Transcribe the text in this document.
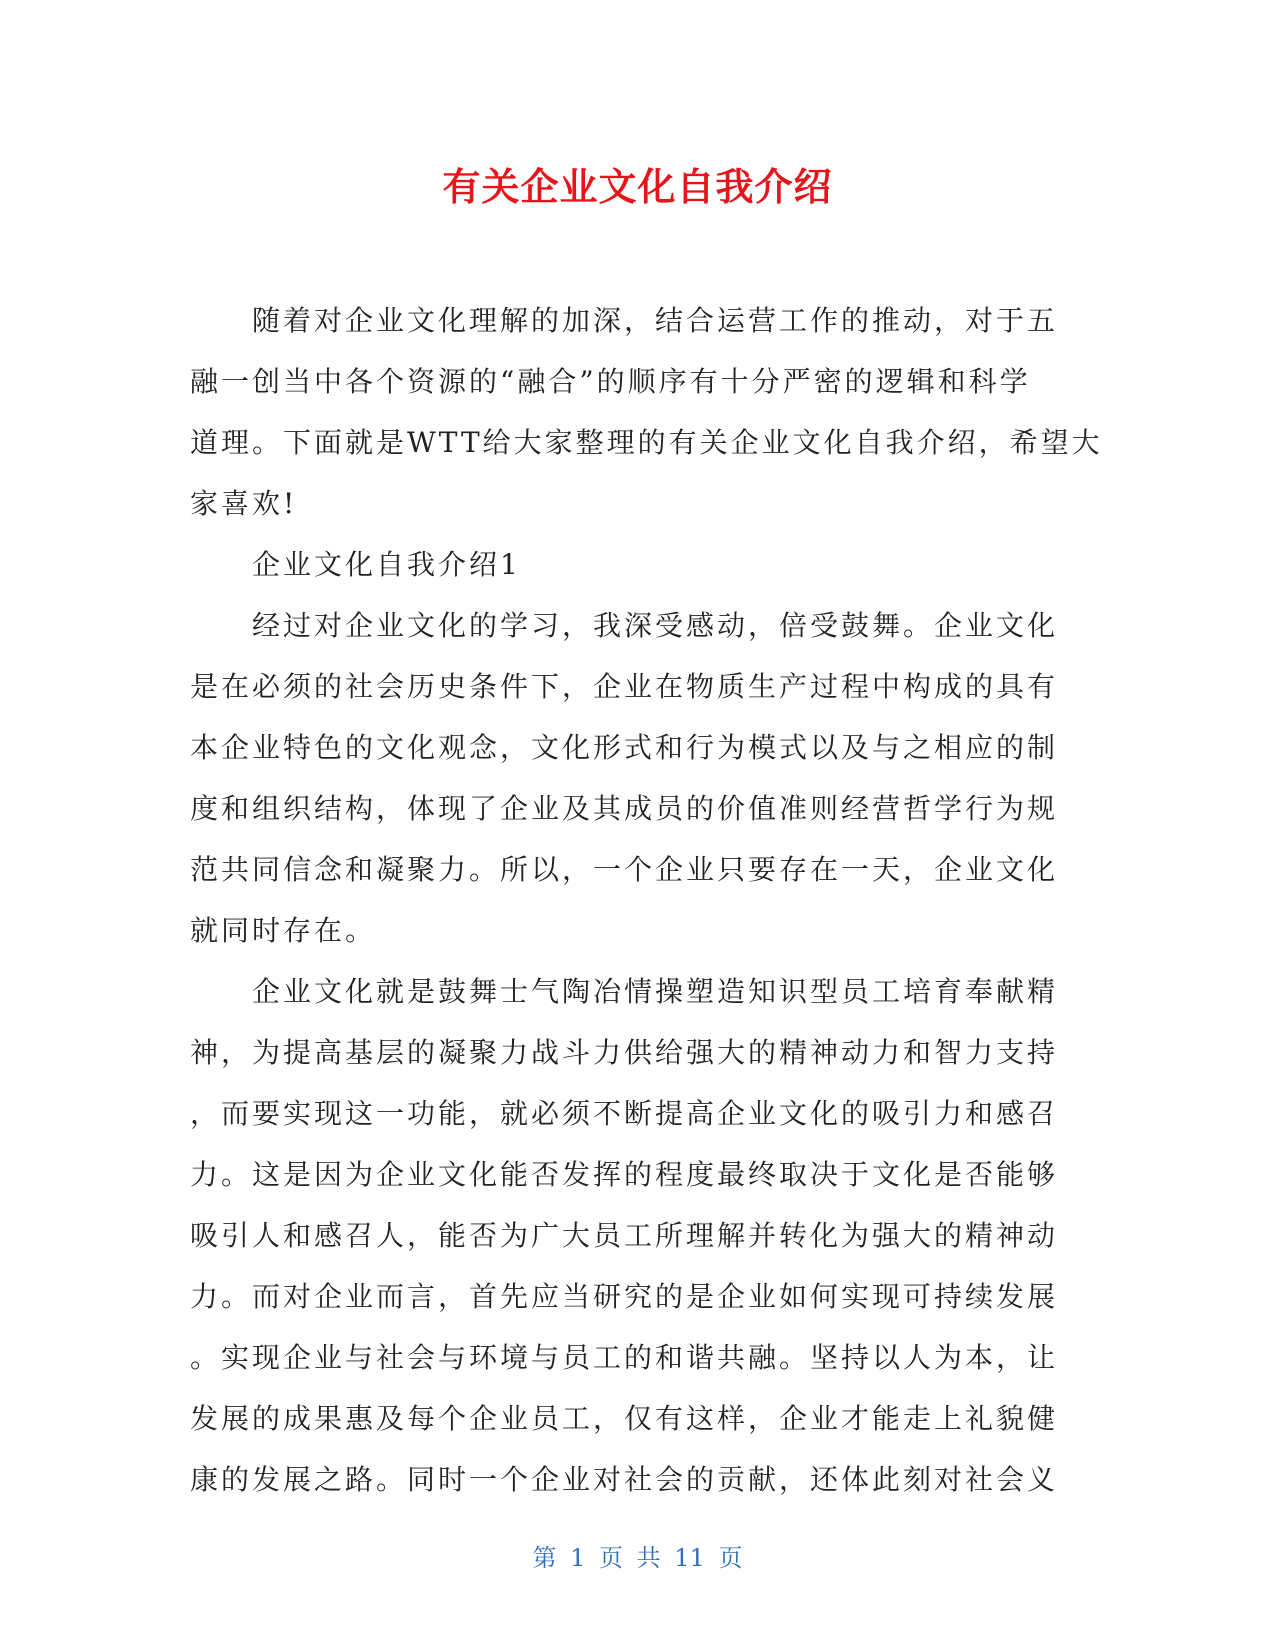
有关企业文化自我介绍
随着对企业文化理解的加深，结合运营工作的推动，对于五
融一创当中各个资源的“融合”的顺序有十分严密的逻辑和科学
道理。下面就是WTT给大家整理的有关企业文化自我介绍，希望大
家喜欢!
企业文化自我介绍1
经过对企业文化的学习，我深受感动，倍受鼓舞。企业文化
是在必须的社会历史条件下，企业在物质生产过程中构成的具有
本企业特色的文化观念，文化形式和行为模式以及与之相应的制
度和组织结构，体现了企业及其成员的价值准则经营哲学行为规
范共同信念和凝聚力。所以，一个企业只要存在一天，企业文化
就同时存在。
企业文化就是鼓舞士气陶冶情操塑造知识型员工培育奉献精
神，为提高基层的凝聚力战斗力供给强大的精神动力和智力支持
，而要实现这一功能，就必须不断提高企业文化的吸引力和感召
力。这是因为企业文化能否发挥的程度最终取决于文化是否能够
吸引人和感召人，能否为广大员工所理解并转化为强大的精神动
力。而对企业而言，首先应当研究的是企业如何实现可持续发展
。实现企业与社会与环境与员工的和谐共融。坚持以人为本，让
发展的成果惠及每个企业员工，仅有这样，企业才能走上礼貌健
康的发展之路。同时一个企业对社会的贡献，还体此刻对社会义
第 1 页 共 11 页
